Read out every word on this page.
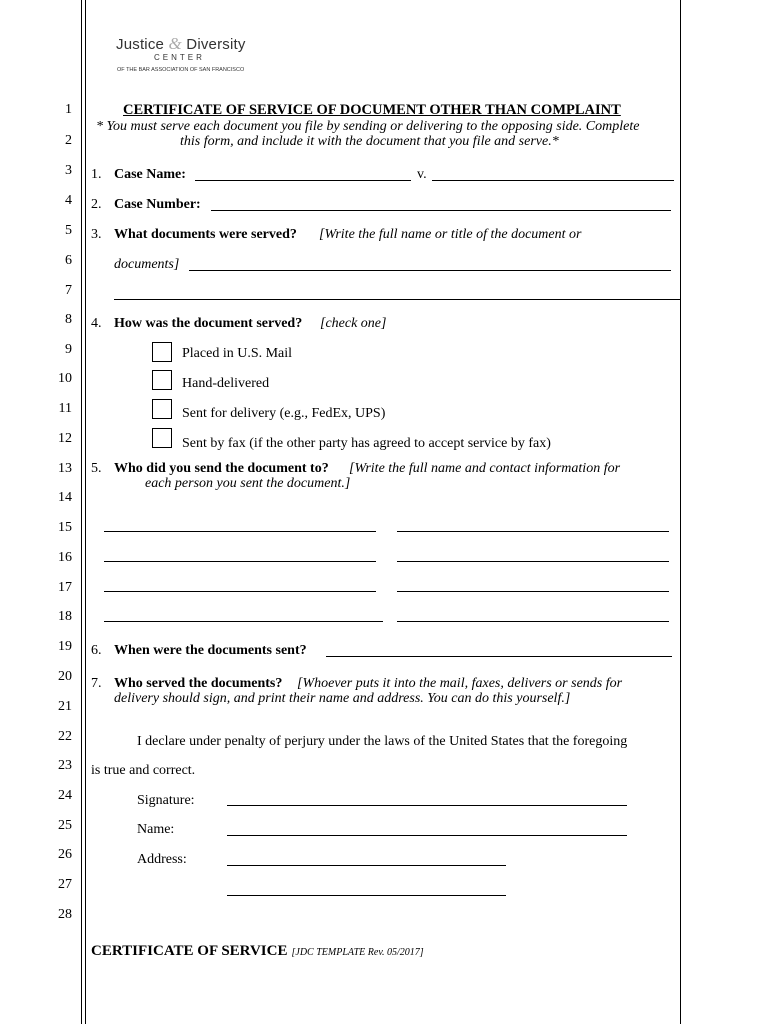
Justice & Diversity
CENTER
OF THE BAR ASSOCIATION OF SAN FRANCISCO
1
2
3
4
5
6
7
8
9
10
11
12
13
14
15
16
17
18
19
20
21
22
23
24
25
26
27
28
CERTIFICATE OF SERVICE OF DOCUMENT OTHER THAN COMPLAINT
* You must serve each document you file by sending or delivering to the opposing side. Complete
this form, and include it with the document that you file and serve.*
1. Case Name:	v.
2. Case Number:
3. What documents were served? [Write the full name or title of the document or
documents]
4. How was the document served? [check one]
Placed in U.S. Mail
Hand-delivered
Sent for delivery (e.g., FedEx, UPS)
Sent by fax (if the other party has agreed to accept service by fax)
5. Who did you send the document to? [Write the full name and contact information for
each person you sent the document.]
6. When were the documents sent?
7. Who served the documents? [Whoever puts it into the mail, faxes, delivers or sends for
delivery should sign, and print their name and address. You can do this yourself.]
I declare under penalty of perjury under the laws of the United States that the foregoing
is true and correct.
Signature:
Name:
Address:
CERTIFICATE OF SERVICE [JDC TEMPLATE Rev. 05/2017]
